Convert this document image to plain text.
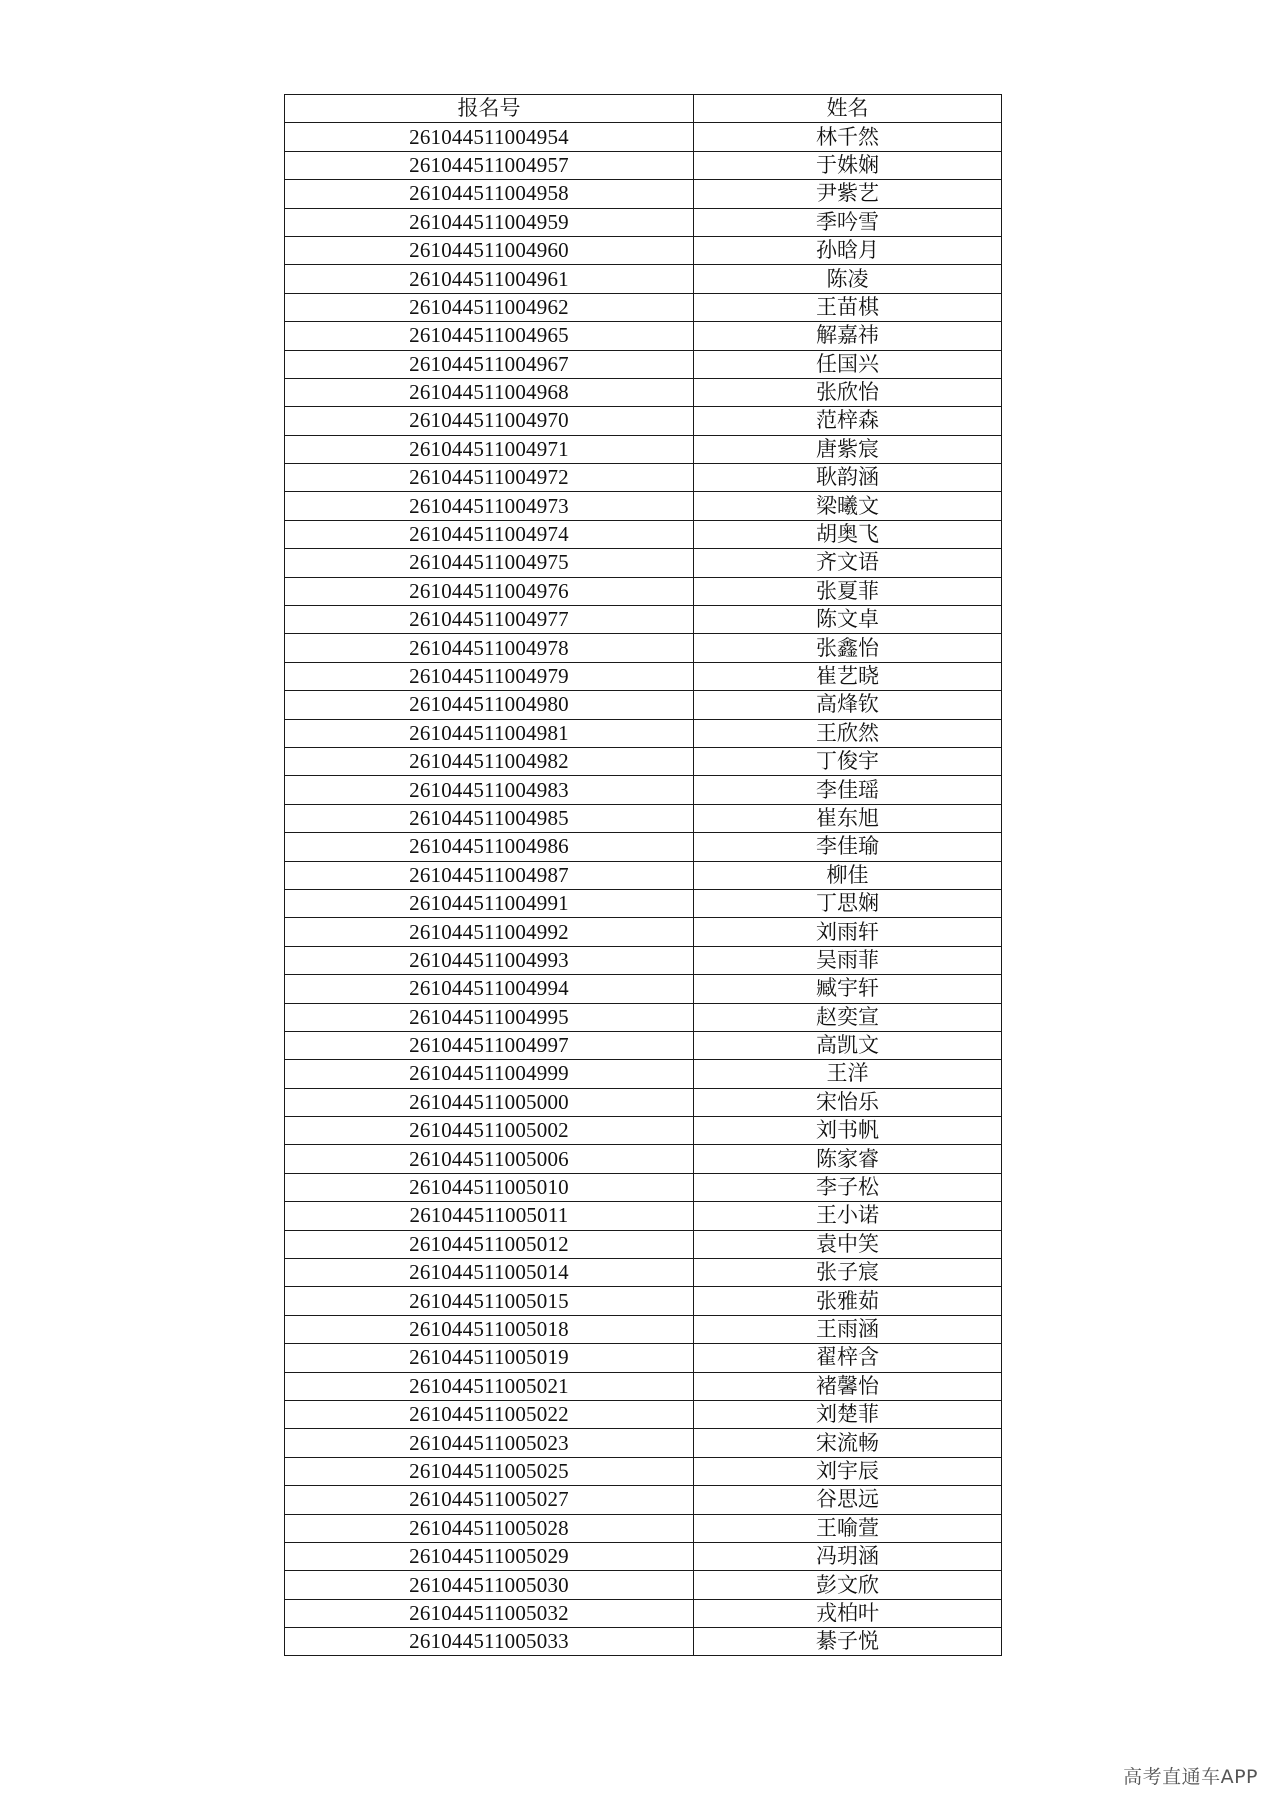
报名号	姓名
261044511004954	林千然
261044511004957	于姝娴
261044511004958	尹紫艺
261044511004959	季吟雪
261044511004960	孙晗月
261044511004961	陈凌
261044511004962	王苗棋
261044511004965	解嘉祎
261044511004967	任国兴
261044511004968	张欣怡
261044511004970	范梓森
261044511004971	唐紫宸
261044511004972	耿韵涵
261044511004973	梁曦文
261044511004974	胡奥飞
261044511004975	齐文语
261044511004976	张夏菲
261044511004977	陈文卓
261044511004978	张鑫怡
261044511004979	崔艺晓
261044511004980	高烽钦
261044511004981	王欣然
261044511004982	丁俊宇
261044511004983	李佳瑶
261044511004985	崔东旭
261044511004986	李佳瑜
261044511004987	柳佳
261044511004991	丁思娴
261044511004992	刘雨轩
261044511004993	吴雨菲
261044511004994	臧宇轩
261044511004995	赵奕宣
261044511004997	高凯文
261044511004999	王洋
261044511005000	宋怡乐
261044511005002	刘书帆
261044511005006	陈家睿
261044511005010	李子松
261044511005011	王小诺
261044511005012	袁中笑
261044511005014	张子宸
261044511005015	张雅茹
261044511005018	王雨涵
261044511005019	翟梓含
261044511005021	褚馨怡
261044511005022	刘楚菲
261044511005023	宋流畅
261044511005025	刘宇辰
261044511005027	谷思远
261044511005028	王喻萱
261044511005029	冯玥涵
261044511005030	彭文欣
261044511005032	戎柏叶
261044511005033	綦子悦
高考直通车APP
